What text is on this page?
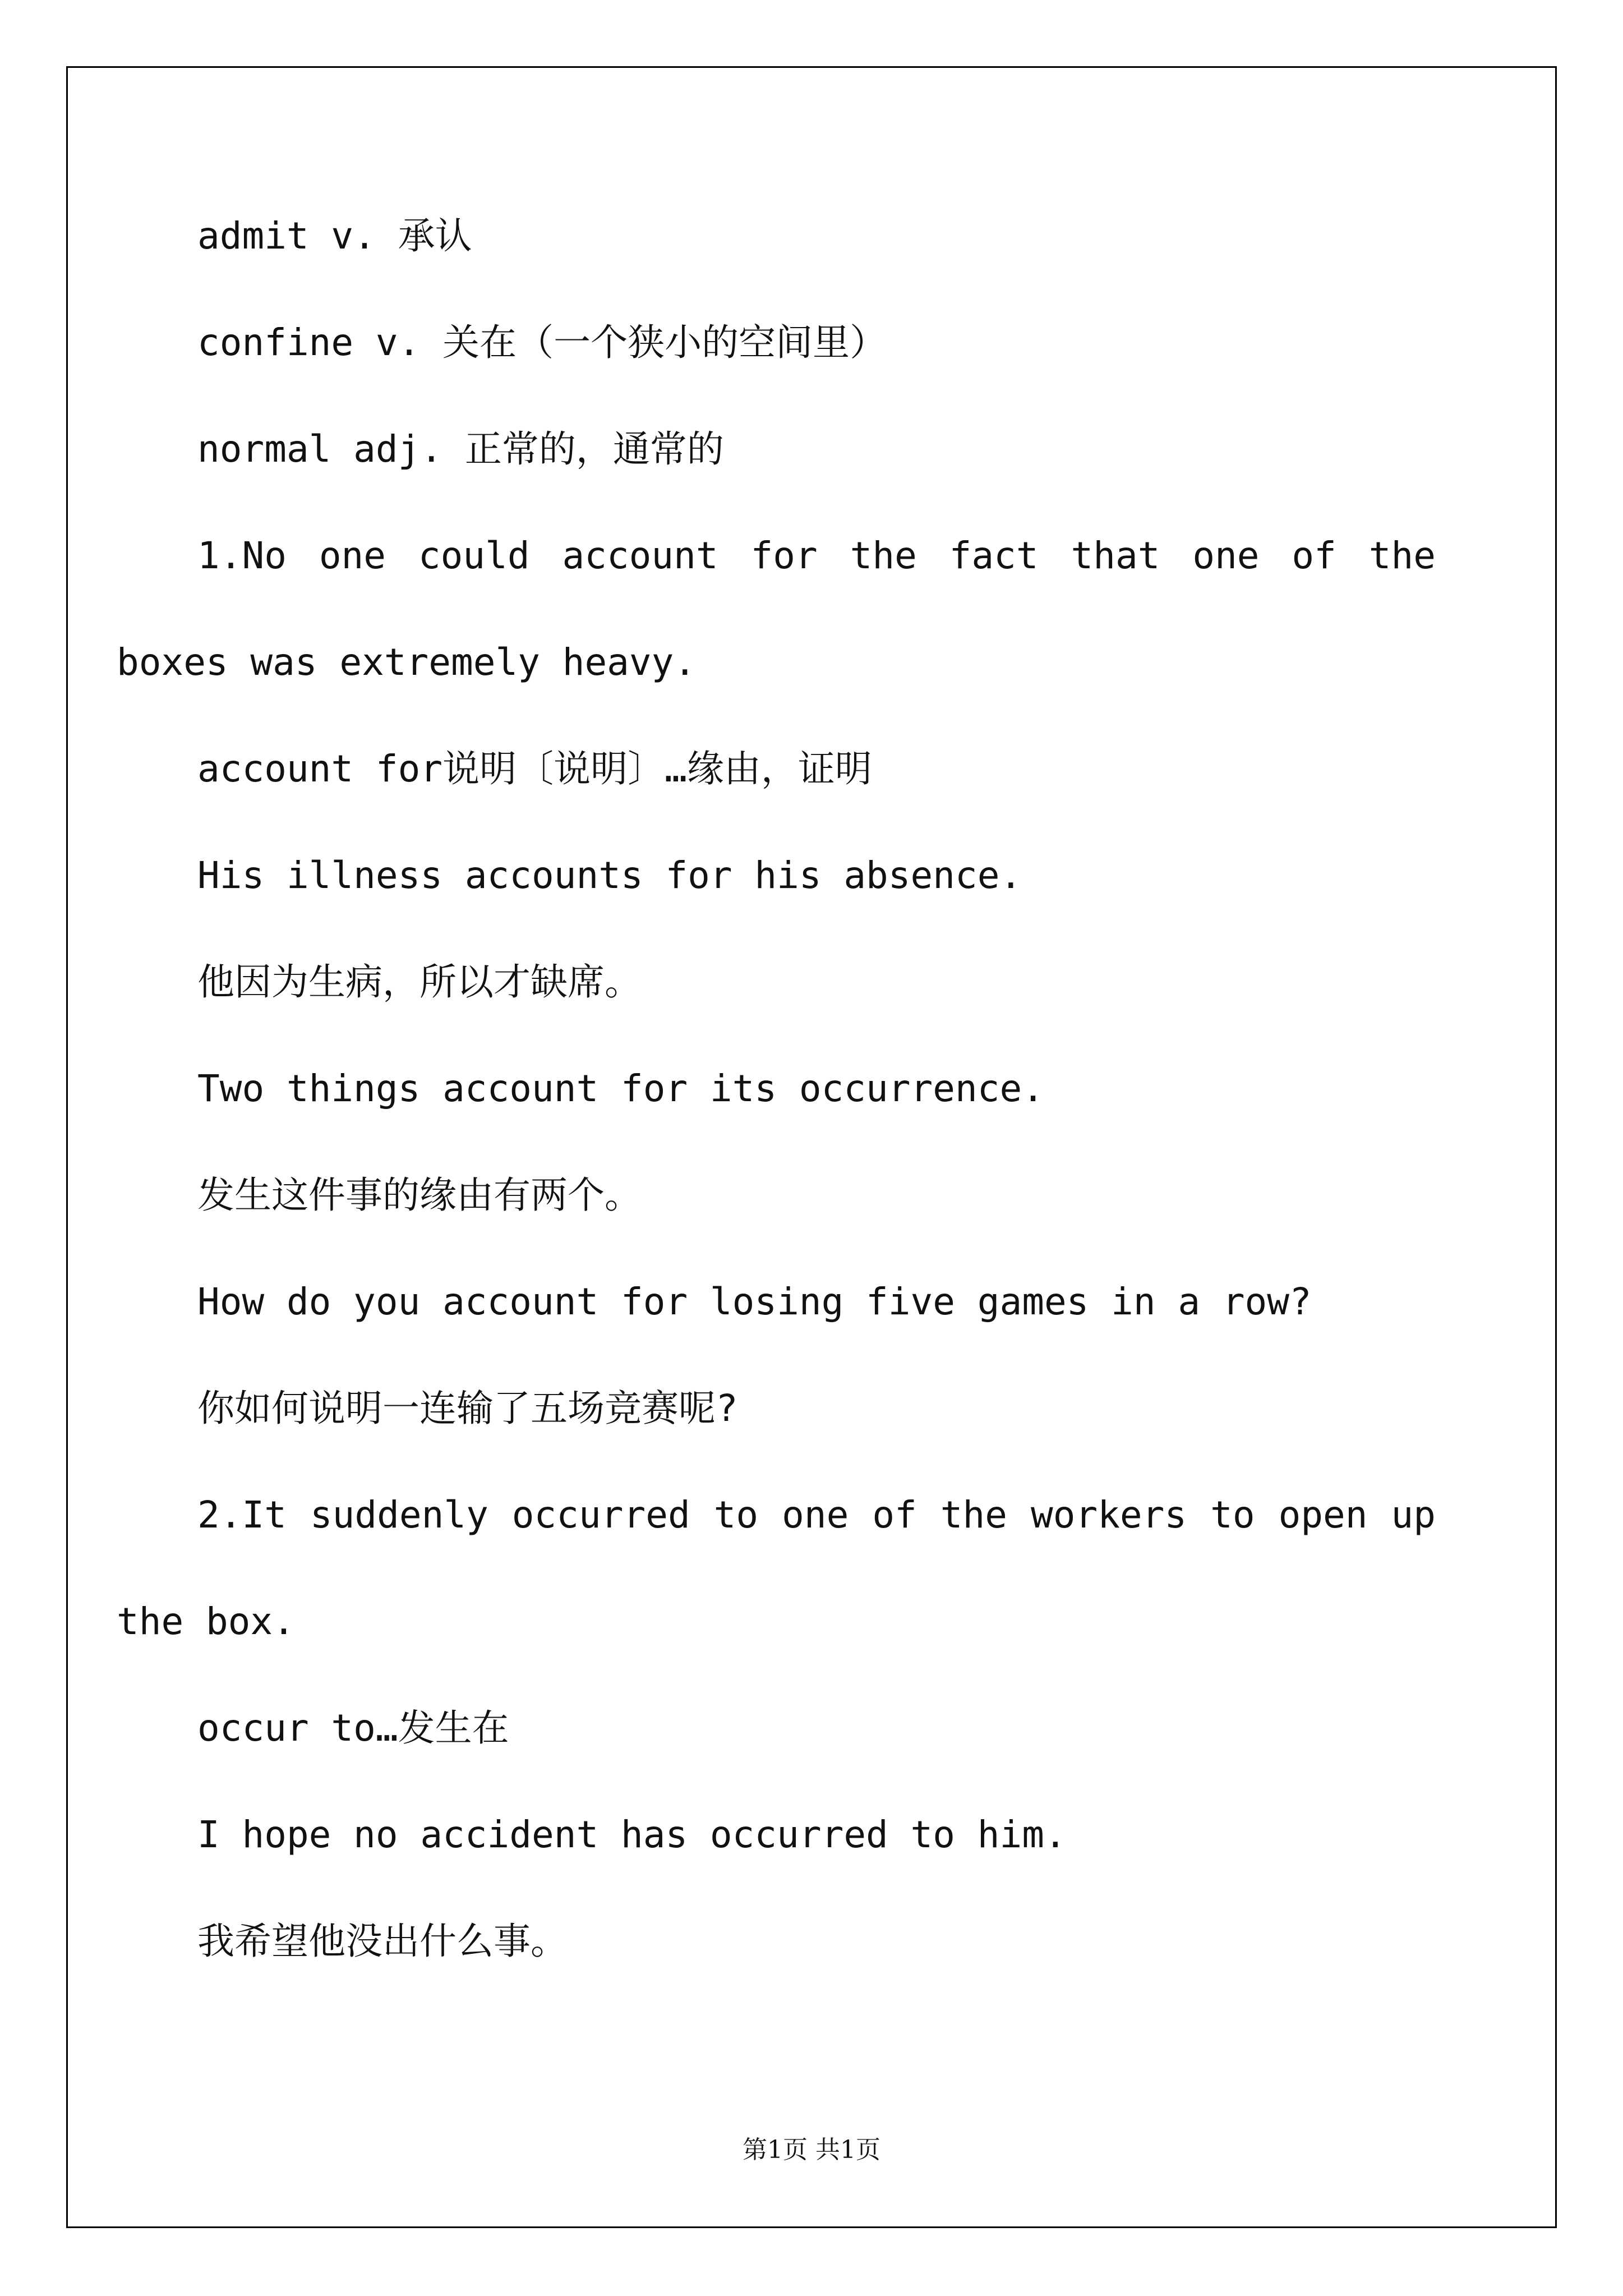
admit v. 承认
confine v. 关在（一个狭小的空间里）
normal adj. 正常的，通常的
1.No one could account for the fact that one of the
boxes was extremely heavy.
account for说明〔说明〕…缘由，证明
His illness accounts for his absence.
他因为生病，所以才缺席。
Two things account for its occurrence.
发生这件事的缘由有两个。
How do you account for losing five games in a row?
你如何说明一连输了五场竞赛呢?
2.It suddenly occurred to one of the workers to open up
the box.
occur to…发生在
I hope no accident has occurred to him.
我希望他没出什么事。
第1页 共1页
